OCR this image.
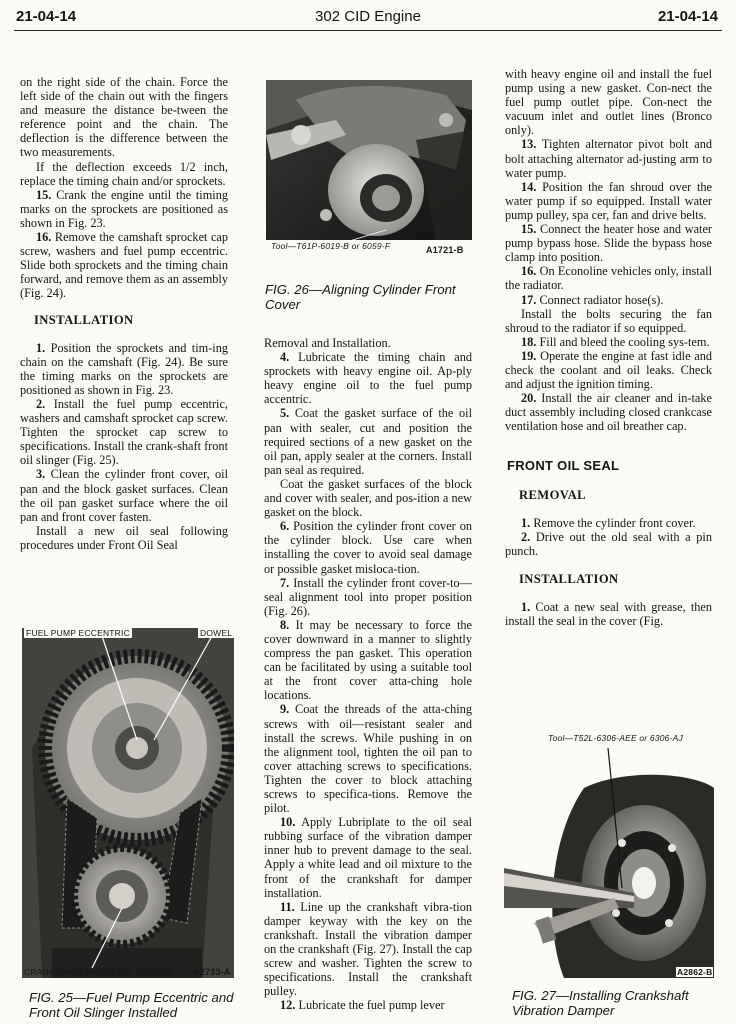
21-04-14	302 CID Engine	21-04-14

on the right side of the chain. Force the left side of the chain out with the fingers and measure the distance be-tween the reference point and the chain. The deflection is the difference between the two measurements.

If the deflection exceeds 1/2 inch, replace the timing chain and/or sprockets.

15. Crank the engine until the timing marks on the sprockets are positioned as shown in Fig. 23.

16. Remove the camshaft sprocket cap screw, washers and fuel pump eccentric. Slide both sprockets and the timing chain forward, and remove them as an assembly (Fig. 24).

INSTALLATION

1. Position the sprockets and tim-ing chain on the camshaft (Fig. 24). Be sure the timing marks on the sprockets are positioned as shown in Fig. 23.

2. Install the fuel pump eccentric, washers and camshaft sprocket cap screw. Tighten the sprocket cap screw to specifications. Install the crank-shaft front oil slinger (Fig. 25).

3. Clean the cylinder front cover, oil pan and the block gasket surfaces. Clean the oil pan gasket surface where the oil pan and front cover fasten.

Install a new oil seal following procedures under Front Oil Seal

Tool—T61P-6019-B or 6059-F	A1721-B
FIG. 26—Aligning Cylinder Front Cover

Removal and Installation.

4. Lubricate the timing chain and sprockets with heavy engine oil. Ap-ply heavy engine oil to the fuel pump accentric.

5. Coat the gasket surface of the oil pan with sealer, cut and position the required sections of a new gasket on the oil pan, apply sealer at the corners. Install pan seal as required.

Coat the gasket surfaces of the block and cover with sealer, and pos-ition a new gasket on the block.

6. Position the cylinder front cover on the cylinder block. Use care when installing the cover to avoid seal damage or possible gasket misloca-tion.

7. Install the cylinder front cover-to—seal alignment tool into proper position (Fig. 26).

8. It may be necessary to force the cover downward in a manner to slightly compress the pan gasket. This operation can be facilitated by using a suitable tool at the front cover atta-ching hole locations.

9. Coat the threads of the atta-ching screws with oil—resistant sealer and install the screws. While pushing in on the alignment tool, tighten the oil pan to cover attaching screws to specifications. Tighten the cover to block attaching screws to specifica-tions. Remove the pilot.

10. Apply Lubriplate to the oil seal rubbing surface of the vibration damper inner hub to prevent damage to the seal. Apply a white lead and oil mixture to the front of the crankshaft for damper installation.

11. Line up the crankshaft vibra-tion damper keyway with the key on the crankshaft. Install the vibration damper on the crankshaft (Fig. 27). Install the cap screw and washer. Tighten the screw to specifications. Install the crankshaft pulley.

12. Lubricate the fuel pump lever

FUEL PUMP ECCENTRIC	DOWEL
CRANKSHAFT FRONT OIL SLINGER A2733-A
FIG. 25—Fuel Pump Eccentric and Front Oil Slinger Installed

with heavy engine oil and install the fuel pump using a new gasket. Con-nect the fuel pump outlet pipe. Con-nect the vacuum inlet and outlet lines (Bronco only).

13. Tighten alternator pivot bolt and bolt attaching alternator ad-justing arm to water pump.

14. Position the fan shroud over the water pump if so equipped. Install water pump pulley, spa cer, fan and drive belts.

15. Connect the heater hose and water pump bypass hose. Slide the bypass hose clamp into position.

16. On Econoline vehicles only, install the radiator.

17. Connect radiator hose(s).

Install the bolts securing the fan shroud to the radiator if so equipped.

18. Fill and bleed the cooling sys-tem.

19. Operate the engine at fast idle and check the coolant and oil leaks. Check and adjust the ignition timing.

20. Install the air cleaner and in-take duct assembly including closed crankcase ventilation hose and oil breather cap.

FRONT OIL SEAL
REMOVAL

1. Remove the cylinder front cover.

2. Drive out the old seal with a pin punch.

INSTALLATION

1. Coat a new seal with grease, then install the seal in the cover (Fig.

Tool—T52L-6306-AEE or 6306-AJ
A2862-B
FIG. 27—Installing Crankshaft Vibration Damper
